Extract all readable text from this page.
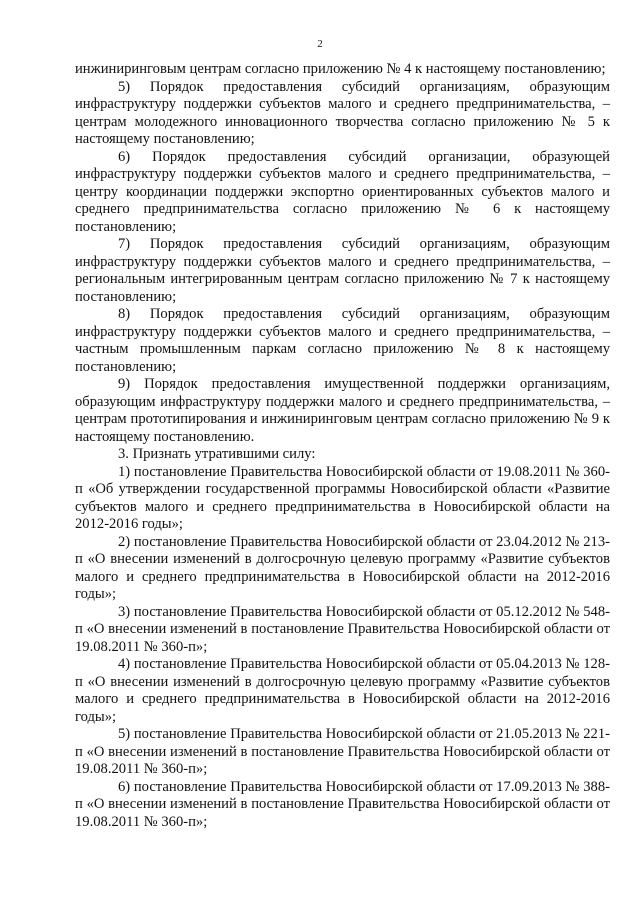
2

инжиниринговым центрам согласно приложению № 4 к настоящему постановлению;

5) Порядок предоставления субсидий организациям, образующим инфраструктуру поддержки субъектов малого и среднего предпринимательства, – центрам молодежного инновационного творчества согласно приложению № 5 к настоящему постановлению;

6) Порядок предоставления субсидий организации, образующей инфраструктуру поддержки субъектов малого и среднего предпринимательства, – центру координации поддержки экспортно ориентированных субъектов малого и среднего предпринимательства согласно приложению № 6 к настоящему постановлению;

7) Порядок предоставления субсидий организациям, образующим инфраструктуру поддержки субъектов малого и среднего предпринимательства, – региональным интегрированным центрам согласно приложению № 7 к настоящему постановлению;

8) Порядок предоставления субсидий организациям, образующим инфраструктуру поддержки субъектов малого и среднего предпринимательства, – частным промышленным паркам согласно приложению № 8 к настоящему постановлению;

9) Порядок предоставления имущественной поддержки организациям, образующим инфраструктуру поддержки малого и среднего предпринимательства, – центрам прототипирования и инжиниринговым центрам согласно приложению № 9 к настоящему постановлению.

3. Признать утратившими силу:

1) постановление Правительства Новосибирской области от 19.08.2011 № 360-п «Об утверждении государственной программы Новосибирской области «Развитие субъектов малого и среднего предпринимательства в Новосибирской области на 2012-2016 годы»;

2) постановление Правительства Новосибирской области от 23.04.2012 № 213-п «О внесении изменений в долгосрочную целевую программу «Развитие субъектов малого и среднего предпринимательства в Новосибирской области на 2012-2016 годы»;

3) постановление Правительства Новосибирской области от 05.12.2012 № 548-п «О внесении изменений в постановление Правительства Новосибирской области от 19.08.2011 № 360-п»;

4) постановление Правительства Новосибирской области от 05.04.2013 № 128-п «О внесении изменений в долгосрочную целевую программу «Развитие субъектов малого и среднего предпринимательства в Новосибирской области на 2012-2016 годы»;

5) постановление Правительства Новосибирской области от 21.05.2013 № 221-п «О внесении изменений в постановление Правительства Новосибирской области от 19.08.2011 № 360-п»;

6) постановление Правительства Новосибирской области от 17.09.2013 № 388-п «О внесении изменений в постановление Правительства Новосибирской области от 19.08.2011 № 360-п»;
